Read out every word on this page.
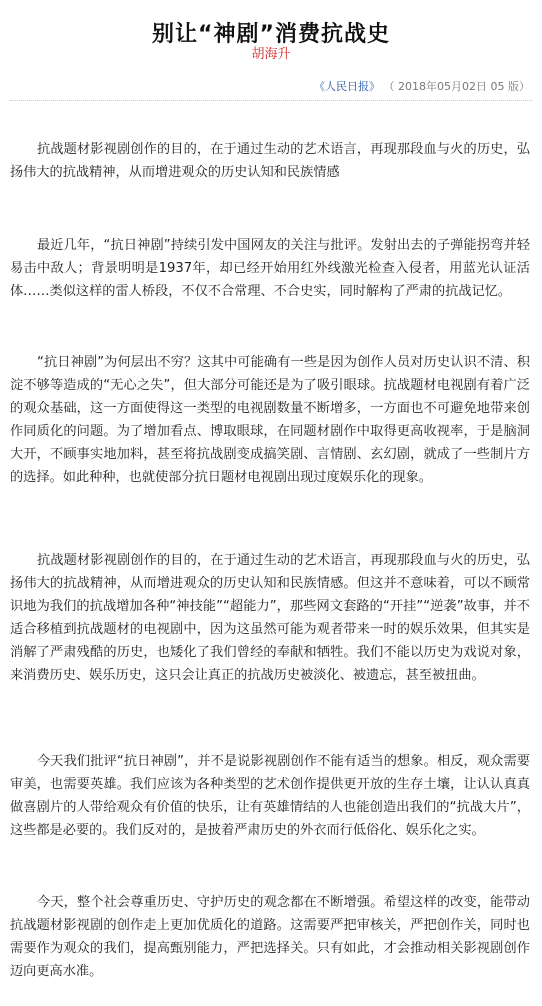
别让“神剧”消费抗战史
胡海升
《人民日报》 （ 2018年05月02日 05 版）

抗战题材影视剧创作的目的，在于通过生动的艺术语言，再现那段血与火的历史，弘扬伟大的抗战精神，从而增进观众的历史认知和民族情感

最近几年，“抗日神剧”持续引发中国网友的关注与批评。发射出去的子弹能拐弯并轻易击中敌人；背景明明是1937年，却已经开始用红外线激光检查入侵者，用蓝光认证活体……类似这样的雷人桥段，不仅不合常理、不合史实，同时解构了严肃的抗战记忆。

“抗日神剧”为何层出不穷？这其中可能确有一些是因为创作人员对历史认识不清、积淀不够等造成的“无心之失”，但大部分可能还是为了吸引眼球。抗战题材电视剧有着广泛的观众基础，这一方面使得这一类型的电视剧数量不断增多，一方面也不可避免地带来创作同质化的问题。为了增加看点、博取眼球，在同题材剧作中取得更高收视率，于是脑洞大开，不顾事实地加料，甚至将抗战剧变成搞笑剧、言情剧、玄幻剧，就成了一些制片方的选择。如此种种，也就使部分抗日题材电视剧出现过度娱乐化的现象。

抗战题材影视剧创作的目的，在于通过生动的艺术语言，再现那段血与火的历史，弘扬伟大的抗战精神，从而增进观众的历史认知和民族情感。但这并不意味着，可以不顾常识地为我们的抗战增加各种“神技能”“超能力”，那些网文套路的“开挂”“逆袭”故事，并不适合移植到抗战题材的电视剧中，因为这虽然可能为观者带来一时的娱乐效果，但其实是消解了严肃残酷的历史，也矮化了我们曾经的奉献和牺牲。我们不能以历史为戏说对象，来消费历史、娱乐历史，这只会让真正的抗战历史被淡化、被遗忘，甚至被扭曲。

今天我们批评“抗日神剧”，并不是说影视剧创作不能有适当的想象。相反，观众需要审美，也需要英雄。我们应该为各种类型的艺术创作提供更开放的生存土壤，让认认真真做喜剧片的人带给观众有价值的快乐，让有英雄情结的人也能创造出我们的“抗战大片”，这些都是必要的。我们反对的，是披着严肃历史的外衣而行低俗化、娱乐化之实。

今天，整个社会尊重历史、守护历史的观念都在不断增强。希望这样的改变，能带动抗战题材影视剧的创作走上更加优质化的道路。这需要严把审核关，严把创作关，同时也需要作为观众的我们，提高甄别能力，严把选择关。只有如此，才会推动相关影视剧创作迈向更高水准。
